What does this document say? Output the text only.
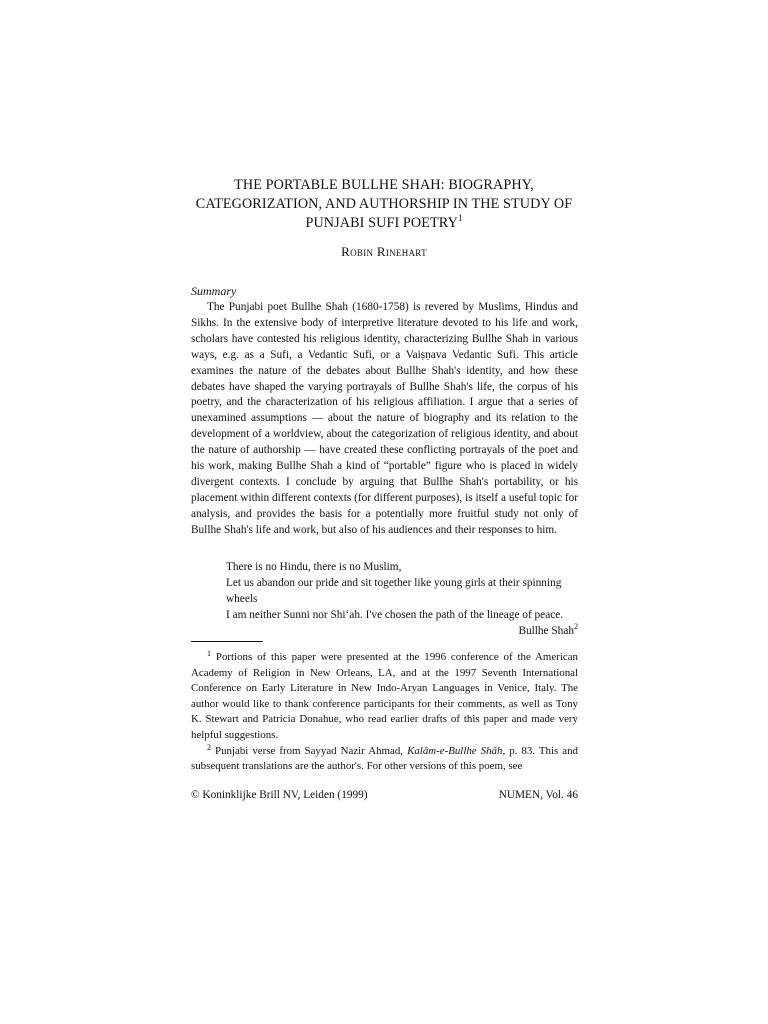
THE PORTABLE BULLHE SHAH: BIOGRAPHY,
CATEGORIZATION, AND AUTHORSHIP IN THE STUDY OF
PUNJABI SUFI POETRY$^1$
Robin Rinehart
Summary

The Punjabi poet Bullhe Shah (1680-1758) is revered by Muslims, Hindus and Sikhs. In the extensive body of interpretive literature devoted to his life and work, scholars have contested his religious identity, characterizing Bullhe Shah in various ways, e.g. as a Sufi, a Vedantic Sufi, or a Vaiṣṇava Vedantic Sufi. This article examines the nature of the debates about Bullhe Shah's identity, and how these debates have shaped the varying portrayals of Bullhe Shah's life, the corpus of his poetry, and the characterization of his religious affiliation. I argue that a series of unexamined assumptions — about the nature of biography and its relation to the development of a worldview, about the categorization of religious identity, and about the nature of authorship — have created these conflicting portrayals of the poet and his work, making Bullhe Shah a kind of “portable” figure who is placed in widely divergent contexts. I conclude by arguing that Bullhe Shah's portability, or his placement within different contexts (for different purposes), is itself a useful topic for analysis, and provides the basis for a potentially more fruitful study not only of Bullhe Shah's life and work, but also of his audiences and their responses to him.

There is no Hindu, there is no Muslim,
Let us abandon our pride and sit together like young girls at their spinning wheels
I am neither Sunni nor Shi‘ah. I've chosen the path of the lineage of peace.
Bullhe Shah$^2$

$^1$ Portions of this paper were presented at the 1996 conference of the American Academy of Religion in New Orleans, LA, and at the 1997 Seventh International Conference on Early Literature in New Indo-Aryan Languages in Venice, Italy. The author would like to thank conference participants for their comments, as well as Tony K. Stewart and Patricia Donahue, who read earlier drafts of this paper and made very helpful suggestions.

$^2$ Punjabi verse from Sayyad Nazir Ahmad, Kalām-e-Bullhe Shāh, p. 83. This and subsequent translations are the author's. For other versions of this poem, see

© Koninklijke Brill NV, Leiden (1999)	NUMEN, Vol. 46
